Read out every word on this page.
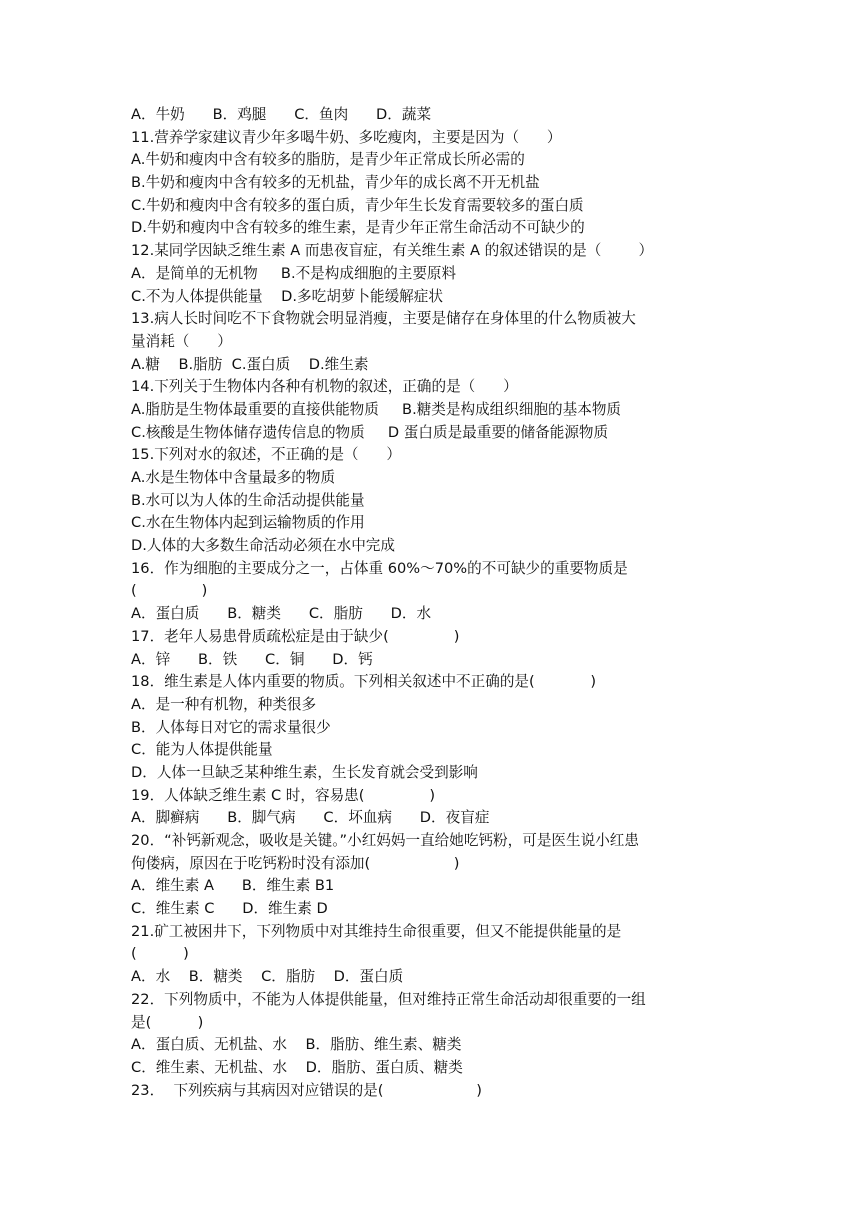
A．牛奶      B．鸡腿      C．鱼肉      D．蔬菜

11.营养学家建议青少年多喝牛奶、多吃瘦肉，主要是因为（      ）

A.牛奶和瘦肉中含有较多的脂肪，是青少年正常成长所必需的

B.牛奶和瘦肉中含有较多的无机盐，青少年的成长离不开无机盐

C.牛奶和瘦肉中含有较多的蛋白质，青少年生长发育需要较多的蛋白质

D.牛奶和瘦肉中含有较多的维生素，是青少年正常生命活动不可缺少的

12.某同学因缺乏维生素 A 而患夜盲症，有关维生素 A 的叙述错误的是（        ）

A．是简单的无机物     B.不是构成细胞的主要原料

C.不为人体提供能量    D.多吃胡萝卜能缓解症状

13.病人长时间吃不下食物就会明显消瘦，主要是储存在身体里的什么物质被大

量消耗（      ）

A.糖    B.脂肪  C.蛋白质    D.维生素

14.下列关于生物体内各种有机物的叙述，正确的是（      ）

A.脂肪是生物体最重要的直接供能物质     B.糖类是构成组织细胞的基本物质

C.核酸是生物体储存遗传信息的物质     D 蛋白质是最重要的储备能源物质

15.下列对水的叙述，不正确的是（      ）

A.水是生物体中含量最多的物质

B.水可以为人体的生命活动提供能量

C.水在生物体内起到运输物质的作用

D.人体的大多数生命活动必须在水中完成

16．作为细胞的主要成分之一，占体重 60%～70%的不可缺少的重要物质是

(              )

A．蛋白质      B．糖类      C．脂肪      D．水

17．老年人易患骨质疏松症是由于缺少(              )

A．锌      B．铁      C．铜      D．钙

18．维生素是人体内重要的物质。下列相关叙述中不正确的是(            )

A．是一种有机物，种类很多

B．人体每日对它的需求量很少

C．能为人体提供能量

D．人体一旦缺乏某种维生素，生长发育就会受到影响

19．人体缺乏维生素 C 时，容易患(              )

A．脚癣病      B．脚气病      C．坏血病      D．夜盲症

20．“补钙新观念，吸收是关键。”小红妈妈一直给她吃钙粉，可是医生说小红患

佝偻病，原因在于吃钙粉时没有添加(                  )

A．维生素 A      B．维生素 B1

C．维生素 C      D．维生素 D

21.矿工被困井下，下列物质中对其维持生命很重要，但又不能提供能量的是

(          )

A．水    B．糖类    C．脂肪    D．蛋白质

22．下列物质中，不能为人体提供能量，但对维持正常生命活动却很重要的一组

是(          )

A．蛋白质、无机盐、水    B．脂肪、维生素、糖类

C．维生素、无机盐、水    D．脂肪、蛋白质、糖类

23．  下列疾病与其病因对应错误的是(                    )
